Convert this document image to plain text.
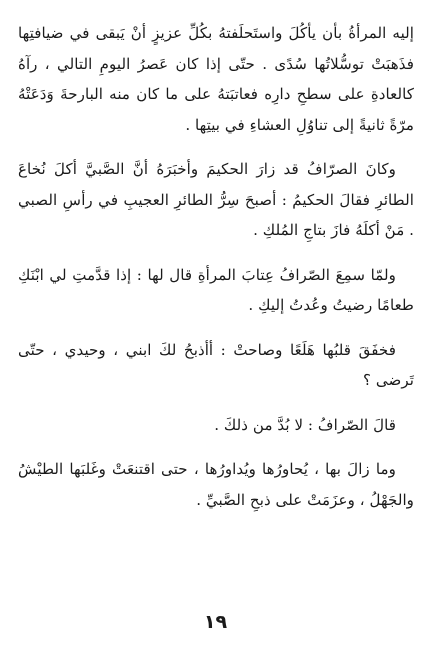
إليه المرأةُ بأن يأكُلَ واستَحلَفتهُ بكُلِّ عزيزٍ أنْ يَبقى في ضيافتِها فذَهبَتْ توسُّلاتُها سُدًى . حتّى إذا كان عَصرُ اليومِ التالي ، رآهُ كالعادةِ على سطحِ دارِه فعاتبَتهُ على ما كان منه البارحةَ وَدَعَتْهُ مرّةً ثانيةً إلى تناوُلِ العشاءِ في بيتِها .

وكانَ الصرّافُ قد زارَ الحكيمَ وأخبَرَهُ أنَّ الصَّبيَّ أكلَ نُخاعَ الطائرِ فقالَ الحكيمُ : أصبحَ سِرُّ الطائرِ العجيبِ في رأسِ الصبي . مَنْ أكلَهُ فازَ بتاجِ المُلكِ .

ولمّا سمِعَ الصّرافُ عِتابَ المرأةِ قال لها : إذا قدَّمتِ لي ابْنَكِ طعامًا رضيتُ وعُدتُ إليكِ .

فخفَقَ قلبُها هَلَعًا وصاحتْ : أأذبحُ لكَ ابني ، وحيدي ، حتّى تَرضى ؟

قالَ الصّرافُ : لا بُدَّ من ذلكَ .

وما زالَ بها ، يُحاورُها ويُداورُها ، حتى اقتنعَتْ وغَلبَها الطيْشُ والجَهْلُ ، وعزَمَتْ على ذبحِ الصَّبيِّ .

١٩
